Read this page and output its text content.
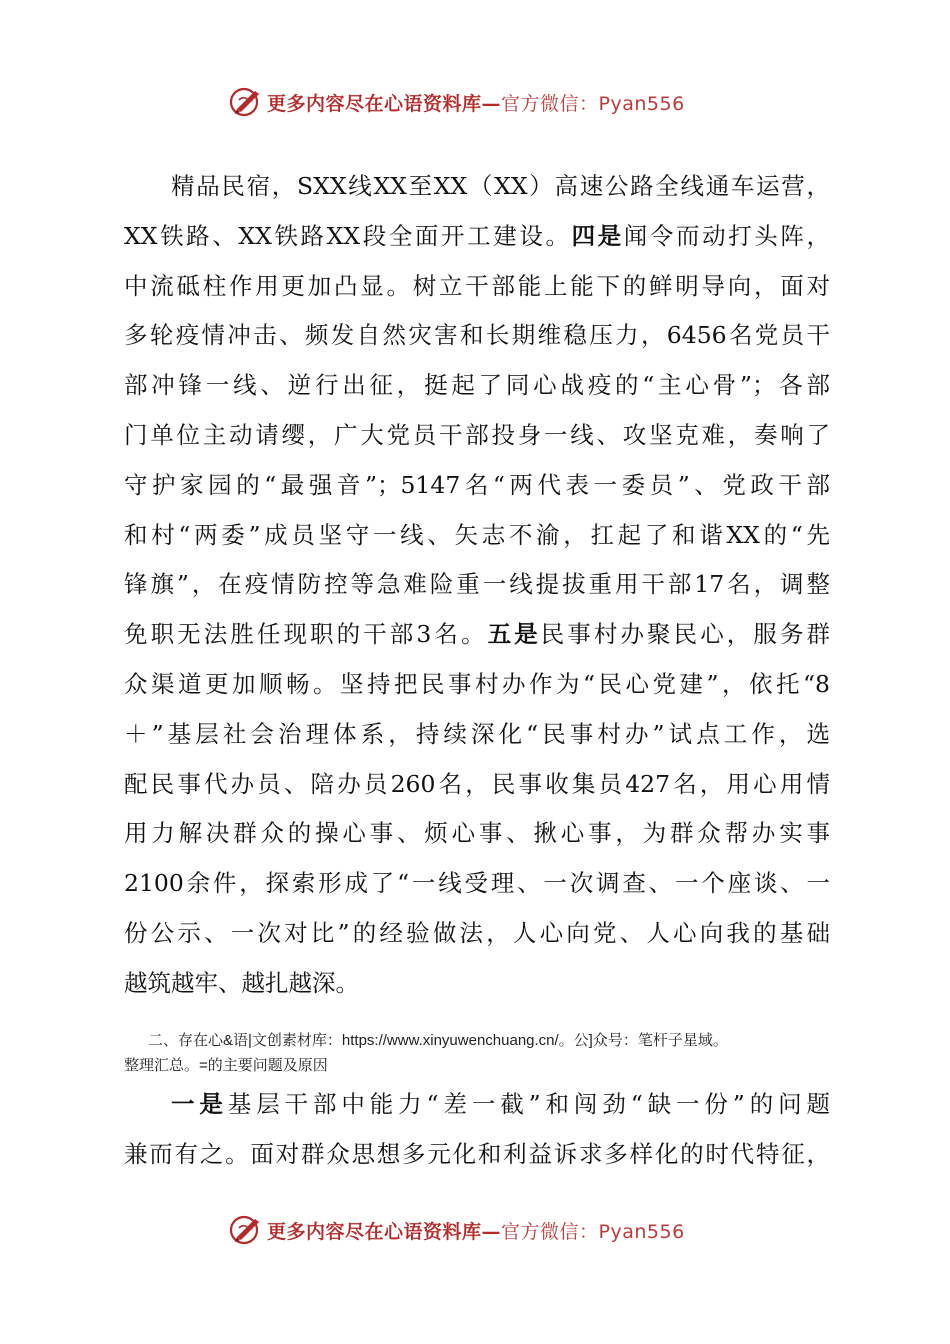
更多内容尽在心语资料库—官方微信：Pyan556
精品民宿，SXX线XX至XX（XX）高速公路全线通车运营，
XX铁路、XX铁路XX段全面开工建设。四是闻令而动打头阵，
中流砥柱作用更加凸显。树立干部能上能下的鲜明导向，面对
多轮疫情冲击、频发自然灾害和长期维稳压力，6456名党员干
部冲锋一线、逆行出征，挺起了同心战疫的“主心骨”；各部
门单位主动请缨，广大党员干部投身一线、攻坚克难，奏响了
守护家园的“最强音”；5147名“两代表一委员”、党政干部
和村“两委”成员坚守一线、矢志不渝，扛起了和谐XX的“先
锋旗”，在疫情防控等急难险重一线提拔重用干部17名，调整
免职无法胜任现职的干部3名。五是民事村办聚民心，服务群
众渠道更加顺畅。坚持把民事村办作为“民心党建”，依托“8
＋”基层社会治理体系，持续深化“民事村办”试点工作，选
配民事代办员、陪办员260名，民事收集员427名，用心用情
用力解决群众的操心事、烦心事、揪心事，为群众帮办实事
2100余件，探索形成了“一线受理、一次调查、一个座谈、一
份公示、一次对比”的经验做法，人心向党、人心向我的基础
越筑越牢、越扎越深。
二、存在心&语|文创素材库：https://www.xinyuwenchuang.cn/。公]众号：笔杆子星域。
整理汇总。=的主要问题及原因
一是基层干部中能力“差一截”和闯劲“缺一份”的问题
兼而有之。面对群众思想多元化和利益诉求多样化的时代特征，
更多内容尽在心语资料库—官方微信：Pyan556
